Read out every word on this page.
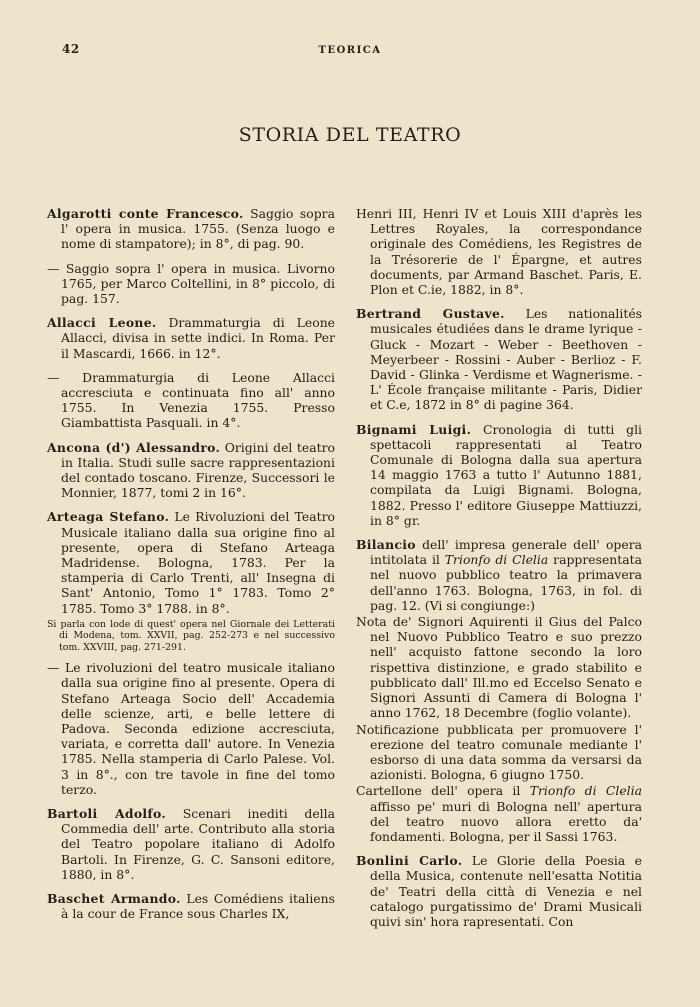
42	TEORICA
STORIA DEL TEATRO

Algarotti conte Francesco. Saggio sopra l' opera in musica. 1755. (Senza luogo e nome di stampatore); in 8°, di pag. 90.

— Saggio sopra l' opera in musica. Livorno 1765, per Marco Coltellini, in 8° piccolo, di pag. 157.

Allacci Leone. Drammaturgia di Leone Allacci, divisa in sette indici. In Roma. Per il Mascardi, 1666. in 12°.

— Drammaturgia di Leone Allacci accresciuta e continuata fino all' anno 1755. In Venezia 1755. Presso Giambattista Pasquali. in 4°.

Ancona (d') Alessandro. Origini del teatro in Italia. Studi sulle sacre rappresentazioni del contado toscano. Firenze, Successori le Monnier, 1877, tomi 2 in 16°.

Arteaga Stefano. Le Rivoluzioni del Teatro Musicale italiano dalla sua origine fino al presente, opera di Stefano Arteaga Madridense. Bologna, 1783. Per la stamperia di Carlo Trenti, all' Insegna di Sant' Antonio, Tomo 1° 1783. Tomo 2° 1785. Tomo 3° 1788. in 8°.

Si parla con lode di quest' opera nel Giornale dei Letterati di Modena, tom. XXVII, pag. 252-273 e nel successivo tom. XXVIII, pag. 271-291.

— Le rivoluzioni del teatro musicale italiano dalla sua origine fino al presente. Opera di Stefano Arteaga Socio dell' Accademia delle scienze, arti, e belle lettere di Padova. Seconda edizione accresciuta, variata, e corretta dall' autore. In Venezia 1785. Nella stamperia di Carlo Palese. Vol. 3 in 8°., con tre tavole in fine del tomo terzo.

Bartoli Adolfo. Scenari inediti della Commedia dell' arte. Contributo alla storia del Teatro popolare italiano di Adolfo Bartoli. In Firenze, G. C. Sansoni editore, 1880, in 8°.

Baschet Armando. Les Comédiens italiens à la cour de France sous Charles IX,

Henri III, Henri IV et Louis XIII d'après les Lettres Royales, la correspondance originale des Comédiens, les Registres de la Trésorerie de l' Épargne, et autres documents, par Armand Baschet. Paris, E. Plon et C.ie, 1882, in 8°.

Bertrand Gustave. Les nationalités musicales étudiées dans le drame lyrique - Gluck - Mozart - Weber - Beethoven - Meyerbeer - Rossini - Auber - Berlioz - F. David - Glinka - Verdisme et Wagnerisme. - L' École française militante - Paris, Didier et C.e, 1872 in 8° di pagine 364.

Bignami Luigi. Cronologia di tutti gli spettacoli rappresentati al Teatro Comunale di Bologna dalla sua apertura 14 maggio 1763 a tutto l' Autunno 1881, compilata da Luigi Bignami. Bologna, 1882. Presso l' editore Giuseppe Mattiuzzi, in 8° gr.

Bilancio dell' impresa generale dell' opera intitolata il Trionfo di Clelia rappresentata nel nuovo pubblico teatro la primavera dell'anno 1763. Bologna, 1763, in fol. di pag. 12. (Vi si congiunge:)

Nota de' Signori Aquirenti il Gius del Palco nel Nuovo Pubblico Teatro e suo prezzo nell' acquisto fattone secondo la loro rispettiva distinzione, e grado stabilito e pubblicato dall' Ill.mo ed Eccelso Senato e Signori Assunti di Camera di Bologna l' anno 1762, 18 Decembre (foglio volante).

Notificazione pubblicata per promuovere l' erezione del teatro comunale mediante l' esborso di una data somma da versarsi da azionisti. Bologna, 6 giugno 1750.

Cartellone dell' opera il Trionfo di Clelia affisso pe' muri di Bologna nell' apertura del teatro nuovo allora eretto da' fondamenti. Bologna, per il Sassi 1763.

Bonlini Carlo. Le Glorie della Poesia e della Musica, contenute nell'esatta Notitia de' Teatri della città di Venezia e nel catalogo purgatissimo de' Drami Musicali quivi sin' hora rapresentati. Con
